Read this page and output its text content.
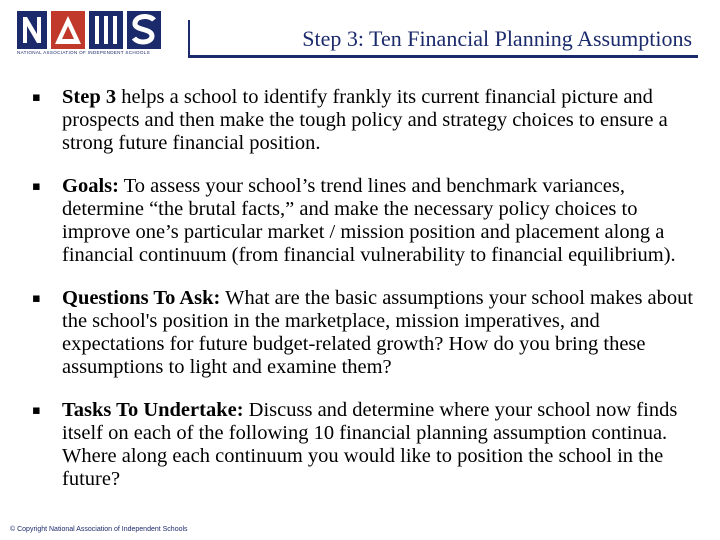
NATIONAL ASSOCIATION OF INDEPENDENT SCHOOLS
Step 3: Ten Financial Planning Assumptions
▪ Step 3 helps a school to identify frankly its current financial picture and prospects and then make the tough policy and strategy choices to ensure a strong future financial position.
▪ Goals: To assess your school’s trend lines and benchmark variances, determine “the brutal facts,” and make the necessary policy choices to improve one’s particular market / mission position and placement along a financial continuum (from financial vulnerability to financial equilibrium).
▪ Questions To Ask: What are the basic assumptions your school makes about the school's position in the marketplace, mission imperatives, and expectations for future budget-related growth? How do you bring these assumptions to light and examine them?
▪ Tasks To Undertake: Discuss and determine where your school now finds itself on each of the following 10 financial planning assumption continua. Where along each continuum you would like to position the school in the future?
© Copyright National Association of Independent Schools
